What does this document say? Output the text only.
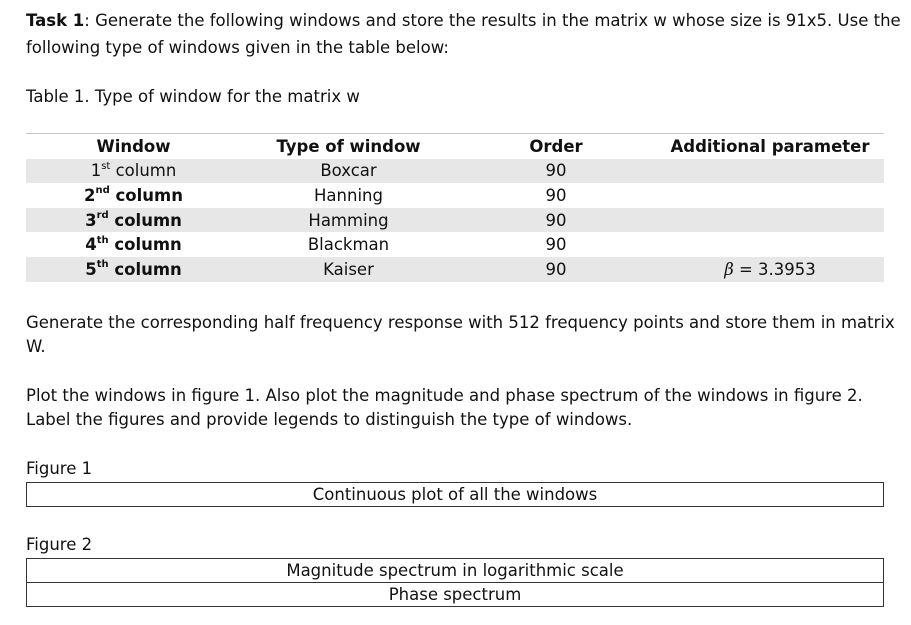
Task 1: Generate the following windows and store the results in the matrix w whose size is 91x5. Use the
following type of windows given in the table below:
Table 1. Type of window for the matrix w
Window	Type of window	Order	Additional parameter
1st column	Boxcar	90
2nd column	Hanning	90
3rd column	Hamming	90
4th column	Blackman	90
5th column	Kaiser	90	β = 3.3953
Generate the corresponding half frequency response with 512 frequency points and store them in matrix
W.
Plot the windows in figure 1. Also plot the magnitude and phase spectrum of the windows in figure 2.
Label the figures and provide legends to distinguish the type of windows.
Figure 1
Continuous plot of all the windows
Figure 2
Magnitude spectrum in logarithmic scale
Phase spectrum
